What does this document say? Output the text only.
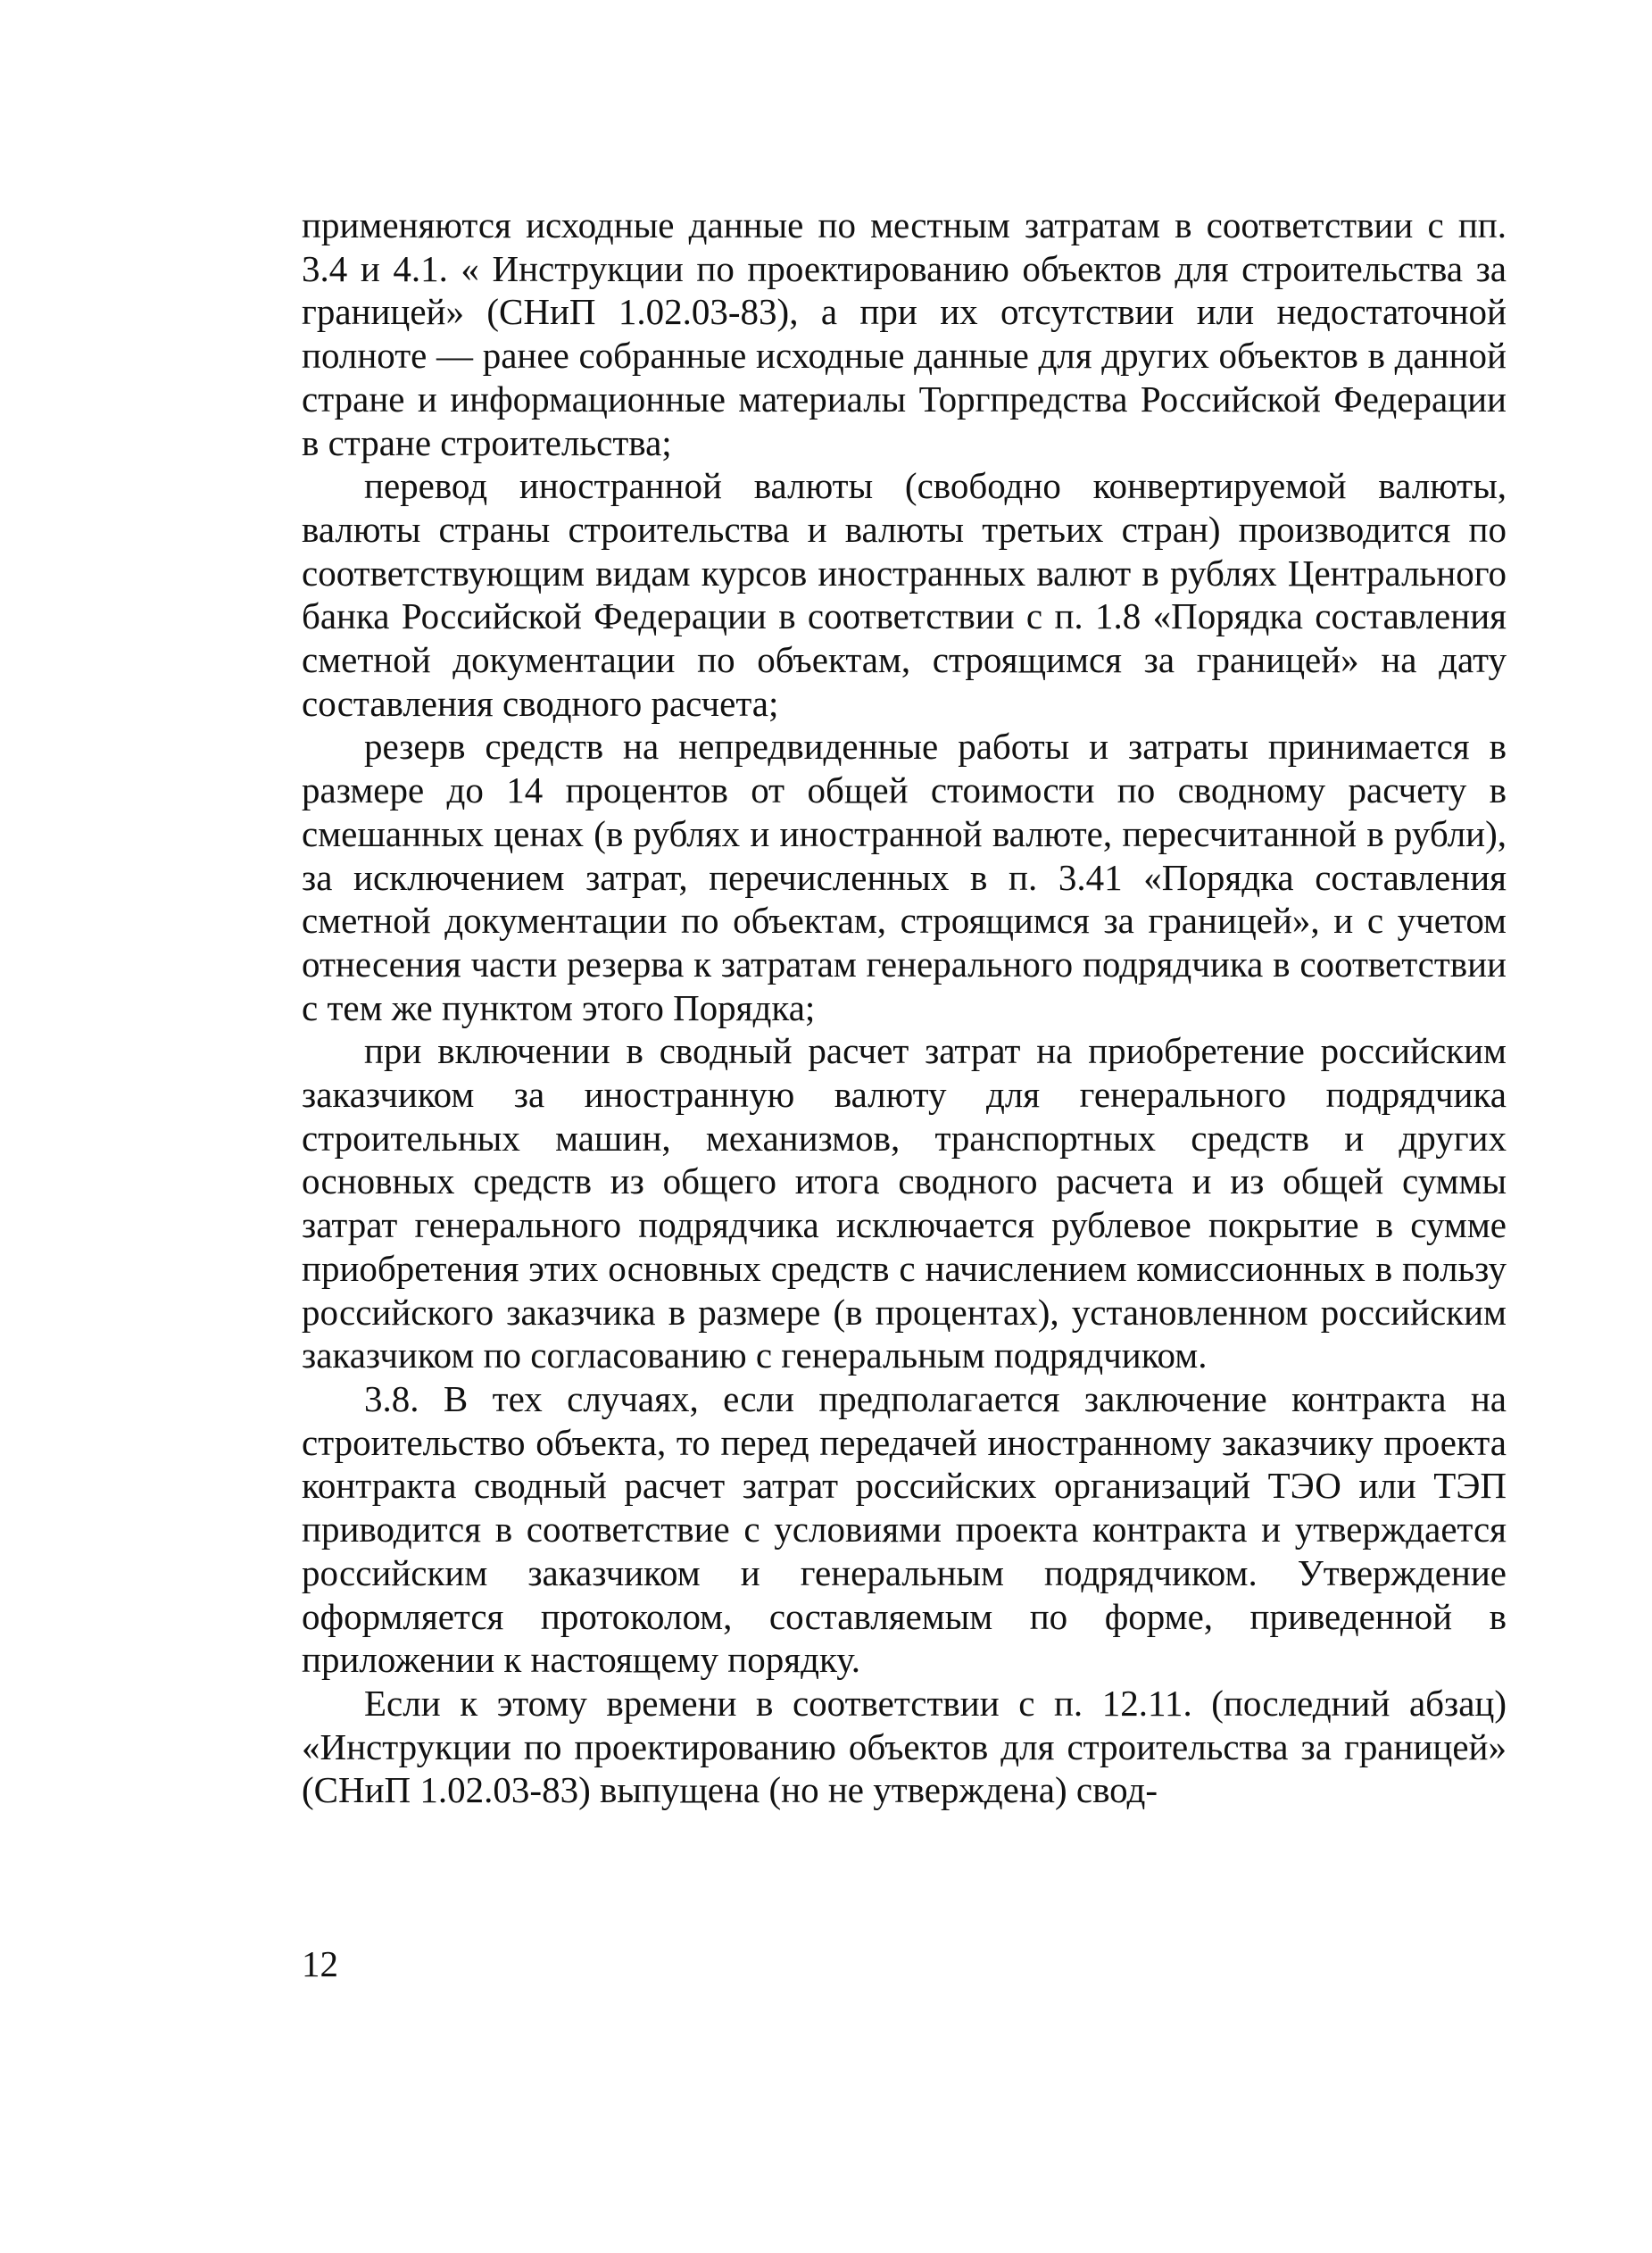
применяются исходные данные по местным затратам в соответствии с пп. 3.4 и 4.1. « Инструкции по проектированию объектов для строительства за границей» (СНиП 1.02.03-83), а при их отсутствии или недостаточной полноте — ранее собранные исходные данные для других объектов в данной стране и информационные материалы Торгпредства Российской Федерации в стране строительства;

перевод иностранной валюты (свободно конвертируемой валюты, валюты страны строительства и валюты третьих стран) производится по соответствующим видам курсов иностранных валют в рублях Центрального банка Российской Федерации в соответствии с п. 1.8 «Порядка составления сметной документации по объектам, строящимся за границей» на дату составления сводного расчета;

резерв средств на непредвиденные работы и затраты принимается в размере до 14 процентов от общей стоимости по сводному расчету в смешанных ценах (в рублях и иностранной валюте, пересчитанной в рубли), за исключением затрат, перечисленных в п. 3.41 «Порядка составления сметной документации по объектам, строящимся за границей», и с учетом отнесения части резерва к затратам генерального подрядчика в соответствии с тем же пунктом этого Порядка;

при включении в сводный расчет затрат на приобретение российским заказчиком за иностранную валюту для генерального подрядчика строительных машин, механизмов, транспортных средств и других основных средств из общего итога сводного расчета и из общей суммы затрат генерального подрядчика исключается рублевое покрытие в сумме приобретения этих основных средств с начислением комиссионных в пользу российского заказчика в размере (в процентах), установленном российским заказчиком по согласованию с генеральным подрядчиком.

3.8. В тех случаях, если предполагается заключение контракта на строительство объекта, то перед передачей иностранному заказчику проекта контракта сводный расчет затрат российских организаций ТЭО или ТЭП приводится в соответствие с условиями проекта контракта и утверждается российским заказчиком и генеральным подрядчиком. Утверждение оформляется протоколом, составляемым по форме, приведенной в приложении к настоящему порядку.

Если к этому времени в соответствии с п. 12.11. (последний абзац) «Инструкции по проектированию объектов для строительства за границей» (СНиП 1.02.03-83) выпущена (но не утверждена) свод-

12
